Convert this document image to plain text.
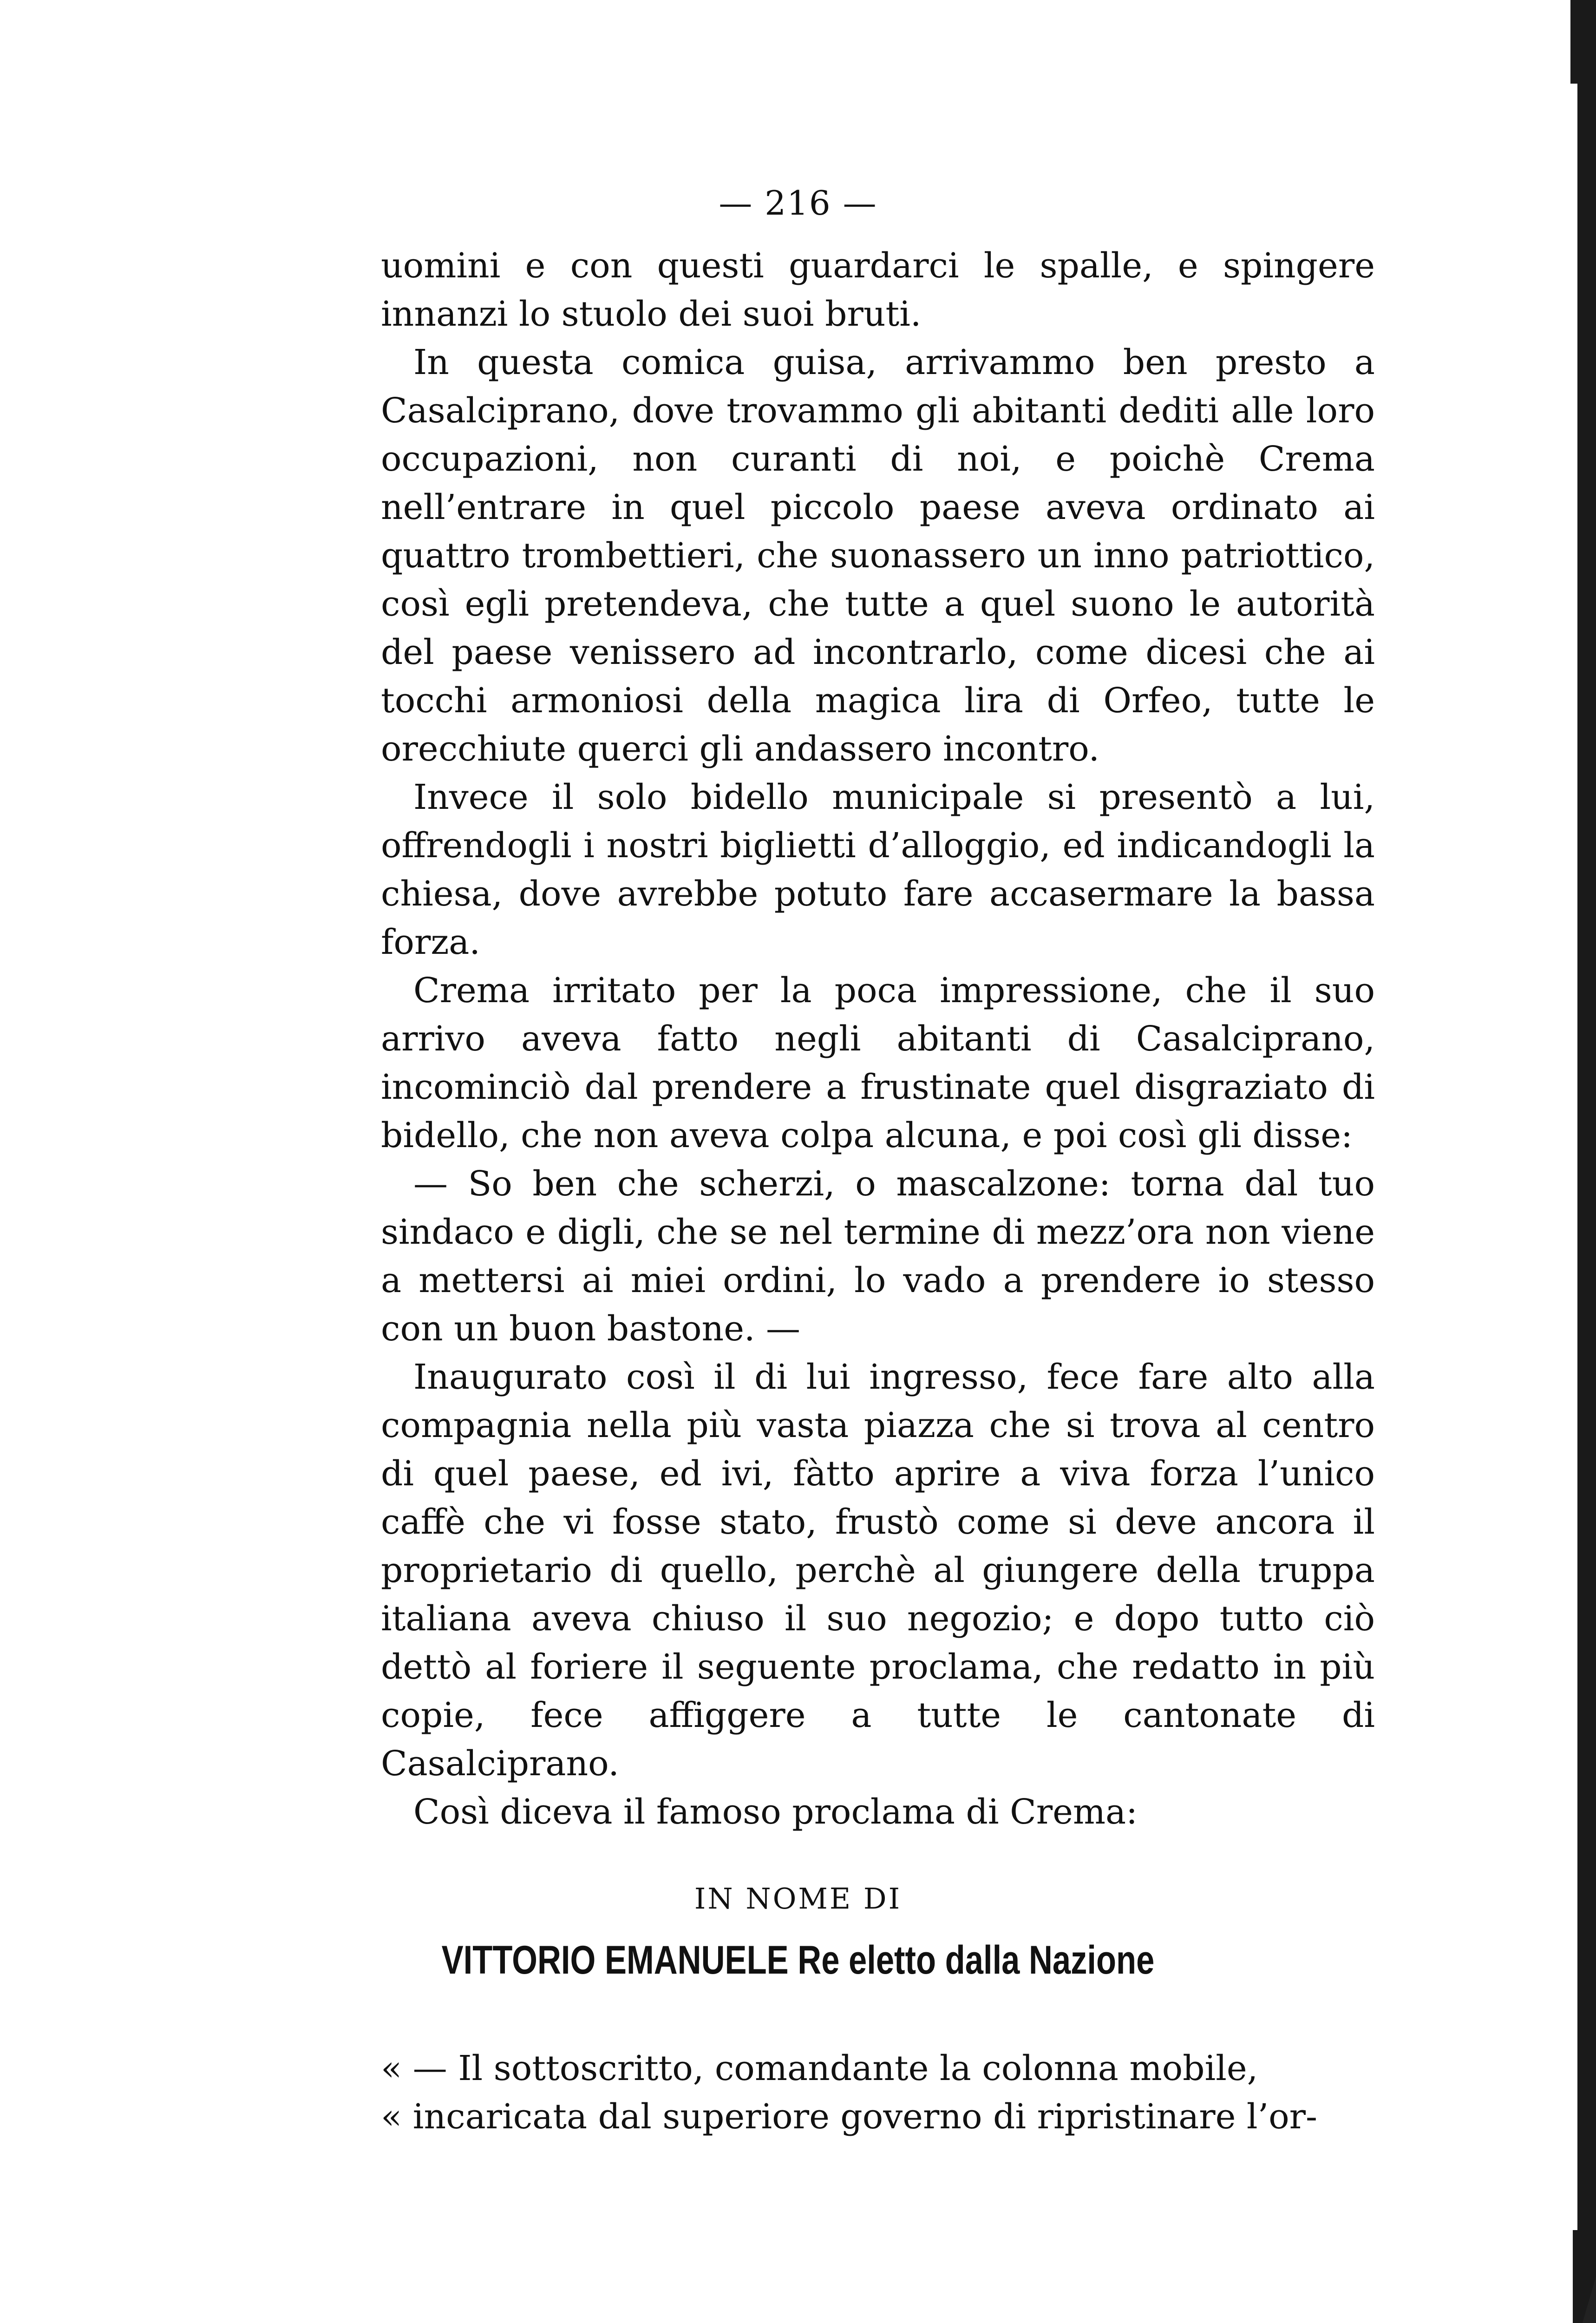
— 216 —

uomini e con questi guardarci le spalle, e spingere innanzi lo stuolo dei suoi bruti.

In questa comica guisa, arrivammo ben presto a Casalciprano, dove trovammo gli abitanti dediti alle loro occupazioni, non curanti di noi, e poichè Crema nell’entrare in quel piccolo paese aveva ordinato ai quattro trombettieri, che suonassero un inno patriottico, così egli pretendeva, che tutte a quel suono le autorità del paese venissero ad incontrarlo, come dicesi che ai tocchi armoniosi della magica lira di Orfeo, tutte le orecchiute querci gli andassero incontro.

Invece il solo bidello municipale si presentò a lui, offrendogli i nostri biglietti d’alloggio, ed indicandogli la chiesa, dove avrebbe potuto fare accasermare la bassa forza.

Crema irritato per la poca impressione, che il suo arrivo aveva fatto negli abitanti di Casalciprano, incominciò dal prendere a frustinate quel disgraziato di bidello, che non aveva colpa alcuna, e poi così gli disse:

— So ben che scherzi, o mascalzone: torna dal tuo sindaco e digli, che se nel termine di mezz’ora non viene a mettersi ai miei ordini, lo vado a prendere io stesso con un buon bastone. —

Inaugurato così il di lui ingresso, fece fare alto alla compagnia nella più vasta piazza che si trova al centro di quel paese, ed ivi, fàtto aprire a viva forza l’unico caffè che vi fosse stato, frustò come si deve ancora il proprietario di quello, perchè al giungere della truppa italiana aveva chiuso il suo negozio; e dopo tutto ciò dettò al foriere il seguente proclama, che redatto in più copie, fece affiggere a tutte le cantonate di Casalciprano.

Così diceva il famoso proclama di Crema:

IN NOME DI
VITTORIO EMANUELE Re eletto dalla Nazione

« — Il sottoscritto, comandante la colonna mobile,

« incaricata dal superiore governo di ripristinare l’or-
